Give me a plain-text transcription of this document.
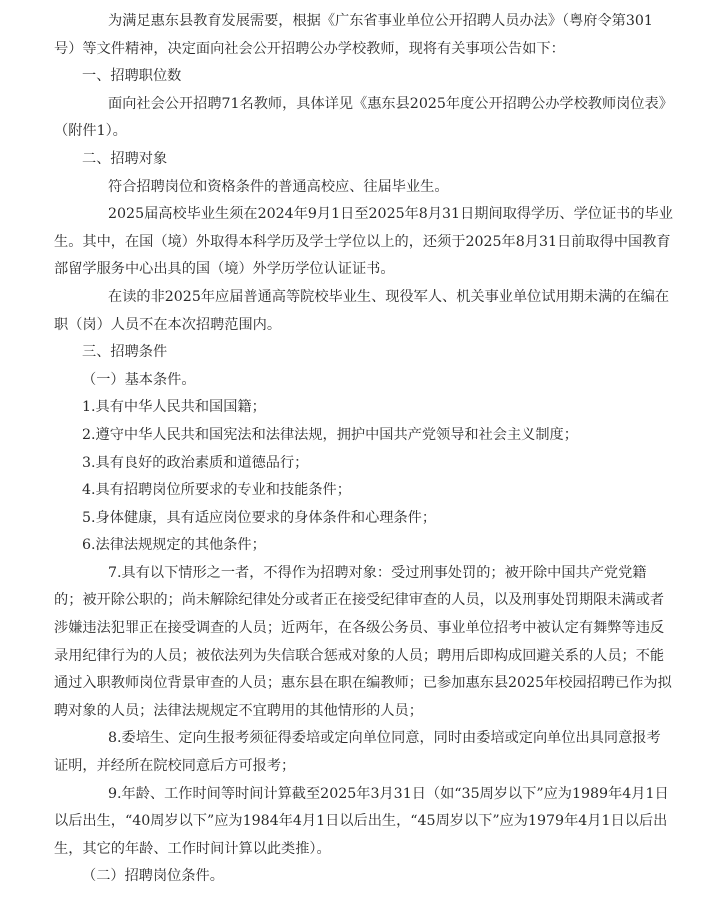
为满足惠东县教育发展需要，根据《广东省事业单位公开招聘人员办法》（粤府令第301号）等文件精神，决定面向社会公开招聘公办学校教师，现将有关事项公告如下：

一、招聘职位数

面向社会公开招聘71名教师，具体详见《惠东县2025年度公开招聘公办学校教师岗位表》（附件1）。

二、招聘对象

符合招聘岗位和资格条件的普通高校应、往届毕业生。

2025届高校毕业生须在2024年9月1日至2025年8月31日期间取得学历、学位证书的毕业生。其中，在国（境）外取得本科学历及学士学位以上的，还须于2025年8月31日前取得中国教育部留学服务中心出具的国（境）外学历学位认证证书。

在读的非2025年应届普通高等院校毕业生、现役军人、机关事业单位试用期未满的在编在职（岗）人员不在本次招聘范围内。

三、招聘条件

（一）基本条件。

1.具有中华人民共和国国籍；

2.遵守中华人民共和国宪法和法律法规，拥护中国共产党领导和社会主义制度；

3.具有良好的政治素质和道德品行；

4.具有招聘岗位所要求的专业和技能条件；

5.身体健康，具有适应岗位要求的身体条件和心理条件；

6.法律法规规定的其他条件；

7.具有以下情形之一者，不得作为招聘对象：受过刑事处罚的；被开除中国共产党党籍的；被开除公职的；尚未解除纪律处分或者正在接受纪律审查的人员，以及刑事处罚期限未满或者涉嫌违法犯罪正在接受调查的人员；近两年，在各级公务员、事业单位招考中被认定有舞弊等违反录用纪律行为的人员；被依法列为失信联合惩戒对象的人员；聘用后即构成回避关系的人员；不能通过入职教师岗位背景审查的人员；惠东县在职在编教师；已参加惠东县2025年校园招聘已作为拟聘对象的人员；法律法规规定不宜聘用的其他情形的人员；

8.委培生、定向生报考须征得委培或定向单位同意，同时由委培或定向单位出具同意报考证明，并经所在院校同意后方可报考；

9.年龄、工作时间等时间计算截至2025年3月31日（如“35周岁以下”应为1989年4月1日以后出生，“40周岁以下”应为1984年4月1日以后出生，“45周岁以下”应为1979年4月1日以后出生，其它的年龄、工作时间计算以此类推）。

（二）招聘岗位条件。
